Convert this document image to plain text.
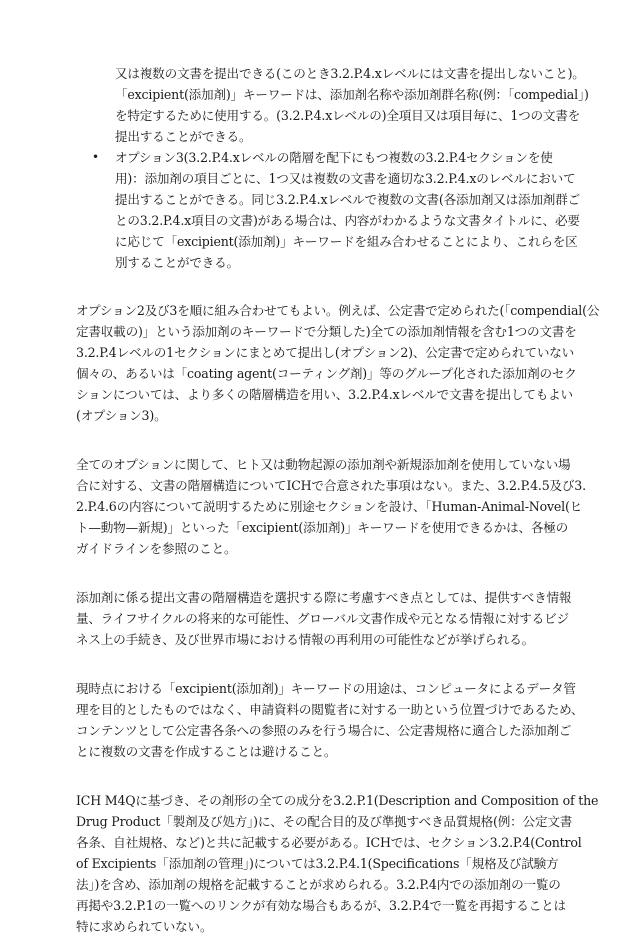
又は複数の文書を提出できる(このとき3.2.P.4.xレベルには文書を提出しないこと)。
「excipient(添加剤)」キーワードは、添加剤名称や添加剤群名称(例：「compedial」)
を特定するために使用する。(3.2.P.4.xレベルの)全項目又は項目毎に、1つの文書を
提出することができる。
• オプション3(3.2.P.4.xレベルの階層を配下にもつ複数の3.2.P.4セクションを使
用)：添加剤の項目ごとに、1つ又は複数の文書を適切な3.2.P.4.xのレベルにおいて
提出することができる。同じ3.2.P.4.xレベルで複数の文書(各添加剤又は添加剤群ご
との3.2.P.4.x項目の文書)がある場合は、内容がわかるような文書タイトルに、必要
に応じて「excipient(添加剤)」キーワードを組み合わせることにより、これらを区
別することができる。
オプション2及び3を順に組み合わせてもよい。例えば、公定書で定められた(「compendial(公
定書収載の)」という添加剤のキーワードで分類した)全ての添加剤情報を含む1つの文書を
3.2.P.4レベルの1セクションにまとめて提出し(オプション2)、公定書で定められていない
個々の、あるいは「coating agent(コーティング剤)」等のグループ化された添加剤のセク
ションについては、より多くの階層構造を用い、3.2.P.4.xレベルで文書を提出してもよい
(オプション3)。
全てのオプションに関して、ヒト又は動物起源の添加剤や新規添加剤を使用していない場
合に対する、文書の階層構造についてICHで合意された事項はない。また、3.2.P.4.5及び3.
2.P.4.6の内容について説明するために別途セクションを設け、「Human-Animal-Novel(ヒ
ト—動物—新規)」といった「excipient(添加剤)」キーワードを使用できるかは、各極の
ガイドラインを参照のこと。
添加剤に係る提出文書の階層構造を選択する際に考慮すべき点としては、提供すべき情報
量、ライフサイクルの将来的な可能性、グローバル文書作成や元となる情報に対するビジ
ネス上の手続き、及び世界市場における情報の再利用の可能性などが挙げられる。
現時点における「excipient(添加剤)」キーワードの用途は、コンピュータによるデータ管
理を目的としたものではなく、申請資料の閲覧者に対する一助という位置づけであるため、
コンテンツとして公定書各条への参照のみを行う場合に、公定書規格に適合した添加剤ご
とに複数の文書を作成することは避けること。
ICH M4Qに基づき、その剤形の全ての成分を3.2.P.1(Description and Composition of the
Drug Product「製剤及び処方」)に、その配合目的及び準拠すべき品質規格(例：公定文書
各条、自社規格、など)と共に記載する必要がある。ICHでは、セクション3.2.P.4(Control
of Excipients「添加剤の管理」)については3.2.P.4.1(Specifications「規格及び試験方
法」)を含め、添加剤の規格を記載することが求められる。3.2.P.4内での添加剤の一覧の
再掲や3.2.P.1の一覧へのリンクが有効な場合もあるが、3.2.P.4で一覧を再掲することは
特に求められていない。
